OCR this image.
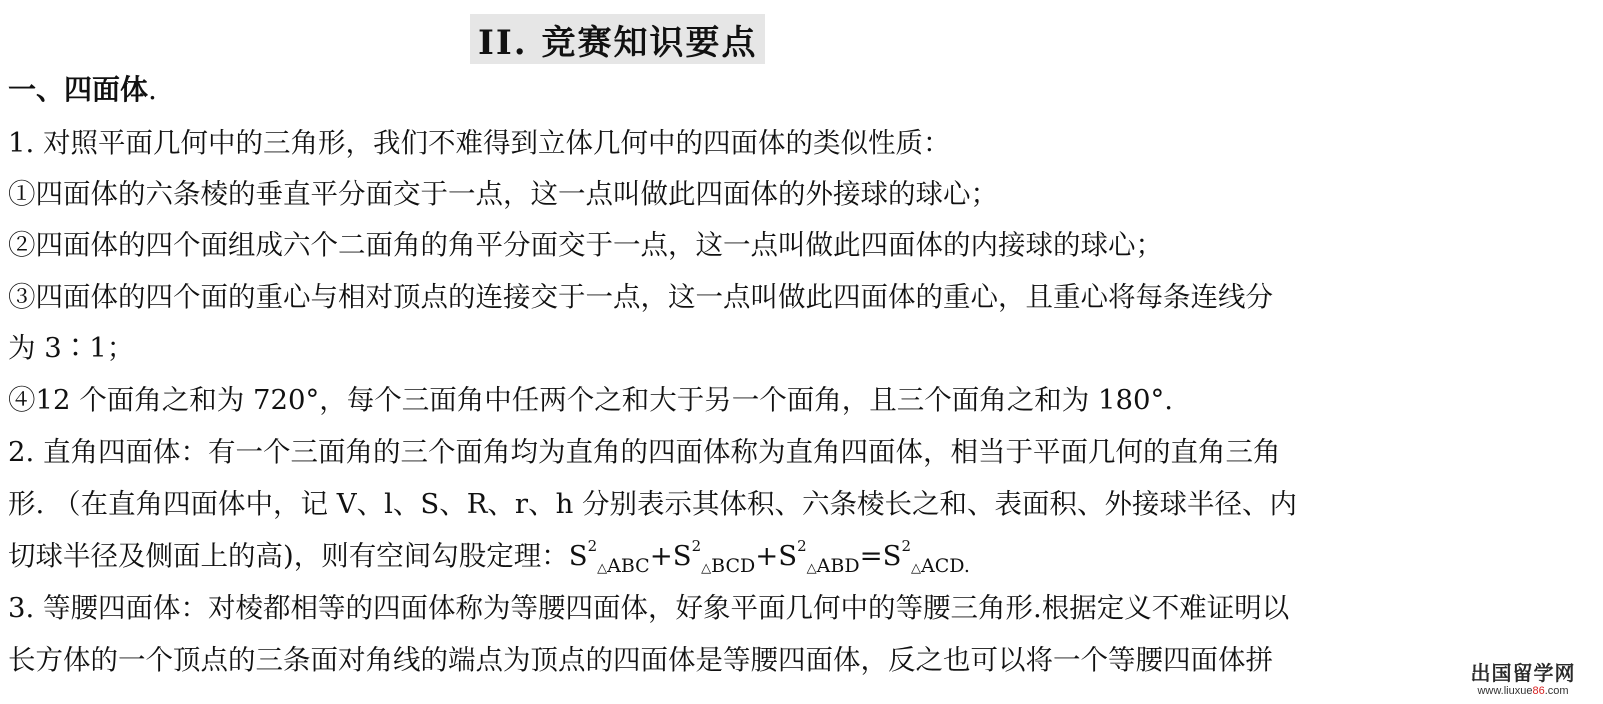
II. 竞赛知识要点
一、四面体.
1. 对照平面几何中的三角形，我们不难得到立体几何中的四面体的类似性质：
①四面体的六条棱的垂直平分面交于一点，这一点叫做此四面体的外接球的球心；
②四面体的四个面组成六个二面角的角平分面交于一点，这一点叫做此四面体的内接球的球心；
③四面体的四个面的重心与相对顶点的连接交于一点，这一点叫做此四面体的重心，且重心将每条连线分
为 3∶1；
④12 个面角之和为 720°，每个三面角中任两个之和大于另一个面角，且三个面角之和为 180°.
2. 直角四面体：有一个三面角的三个面角均为直角的四面体称为直角四面体，相当于平面几何的直角三角
形. （在直角四面体中，记 V、l、S、R、r、h 分别表示其体积、六条棱长之和、表面积、外接球半径、内
切球半径及侧面上的高)，则有空间勾股定理：$S^2_{\triangle ABC}+S^2_{\triangle BCD}+S^2_{\triangle ABD}=S^2_{\triangle ACD.}$
3. 等腰四面体：对棱都相等的四面体称为等腰四面体，好象平面几何中的等腰三角形.根据定义不难证明以
长方体的一个顶点的三条面对角线的端点为顶点的四面体是等腰四面体，反之也可以将一个等腰四面体拼	出国留学网
www.liuxue86.com
